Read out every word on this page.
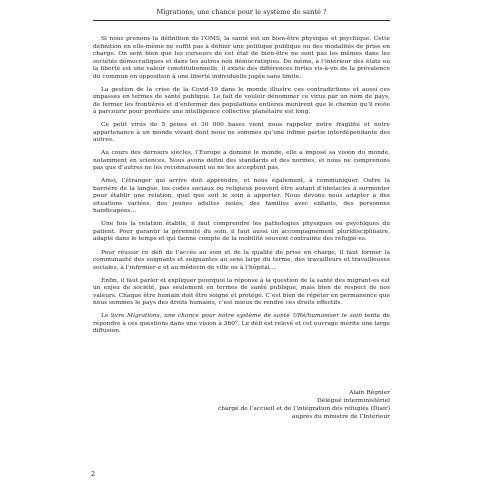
Migrations, une chance pour le système de santé ?

Si nous prenons la définition de l’OMS, la santé est un bien-être physique et psychique. Cette définition en elle-même ne suffit pas à définir une politique publique ou des modalités de prise en charge. On sent bien que les curseurs de cet état de bien-être ne sont pas les mêmes dans les sociétés démocratiques et dans les autres non démocratiques. De même, à l’intérieur des états où la liberté est une valeur constitutionnelle, il existe des différences fortes vis-à-vis de la prévalence du commun en opposition à une liberté individuelle jugée sans limite.

La gestion de la crise de la Covid-19 dans le monde illustre ces contradictions et aussi ces impasses en termes de santé publique. Le fait de vouloir dénommer ce virus par un nom de pays, de fermer les frontières et d’enfermer des populations entières montrent que le chemin qu’il reste à parcourir pour produire une intelligence collective planétaire est long.

Ce petit virus de 5 gènes et 30 000 bases vient nous rappeler notre fragilité et notre appartenance à un monde vivant dont nous ne sommes qu’une infime partie interdépendante des autres.

Au cours des derniers siècles, l’Europe a dominé le monde, elle a imposé sa vision du monde, notamment en sciences. Nous avons défini des standards et des normes, et nous ne comprenons pas que d’autres ne les reconnaissent ou ne les acceptent pas.

Ainsi, l’étranger qui arrive doit apprendre, et nous également, à communiquer. Outre la barrière de la langue, les codes sociaux ou religieux peuvent être autant d’obstacles à surmonter pour établir une relation, quel que soit le soin à apporter. Nous devons nous adapter à des situations variées, des jeunes adultes isolés, des familles avec enfants, des personnes handicapées…

Une fois la relation établie, il faut comprendre les pathologies physiques ou psychiques du patient. Pour garantir la pérennité du soin, il faut aussi un accompagnement pluridisciplinaire, adapté dans le temps et qui tienne compte de la mobilité souvent contrainte des réfugié-es.

Pour réussir ce défi de l’accès au soin et de la qualité de prise en charge, il faut former la communauté des soignants et soignantes au sens large du terme, des travailleurs et travailleuses sociales, à l’infirmier-e et au médecin de ville ou à l’hôpital…

Enfin, il faut parler et expliquer pourquoi la réponse à la question de la santé des migrant-es est un enjeu de société, pas seulement en termes de santé publique, mais bien de respect de nos valeurs. Chaque être humain doit être soigné et protégé. C’est bien de répéter en permanence que nous sommes le pays des droits humains, c’est mieux de rendre ces droits effectifs.

Le livre Migrations, une chance pour notre système de santé ?/Ré/humaniser le soin tente de répondre à ces questions dans une vision à 360°. Le défi est relevé et cet ouvrage mérite une large diffusion.

Alain Régnier
Délégué interministériel
chargé de l’accueil et de l’intégration des réfugiés (Diair)
auprès du ministre de l’Intérieur
2
